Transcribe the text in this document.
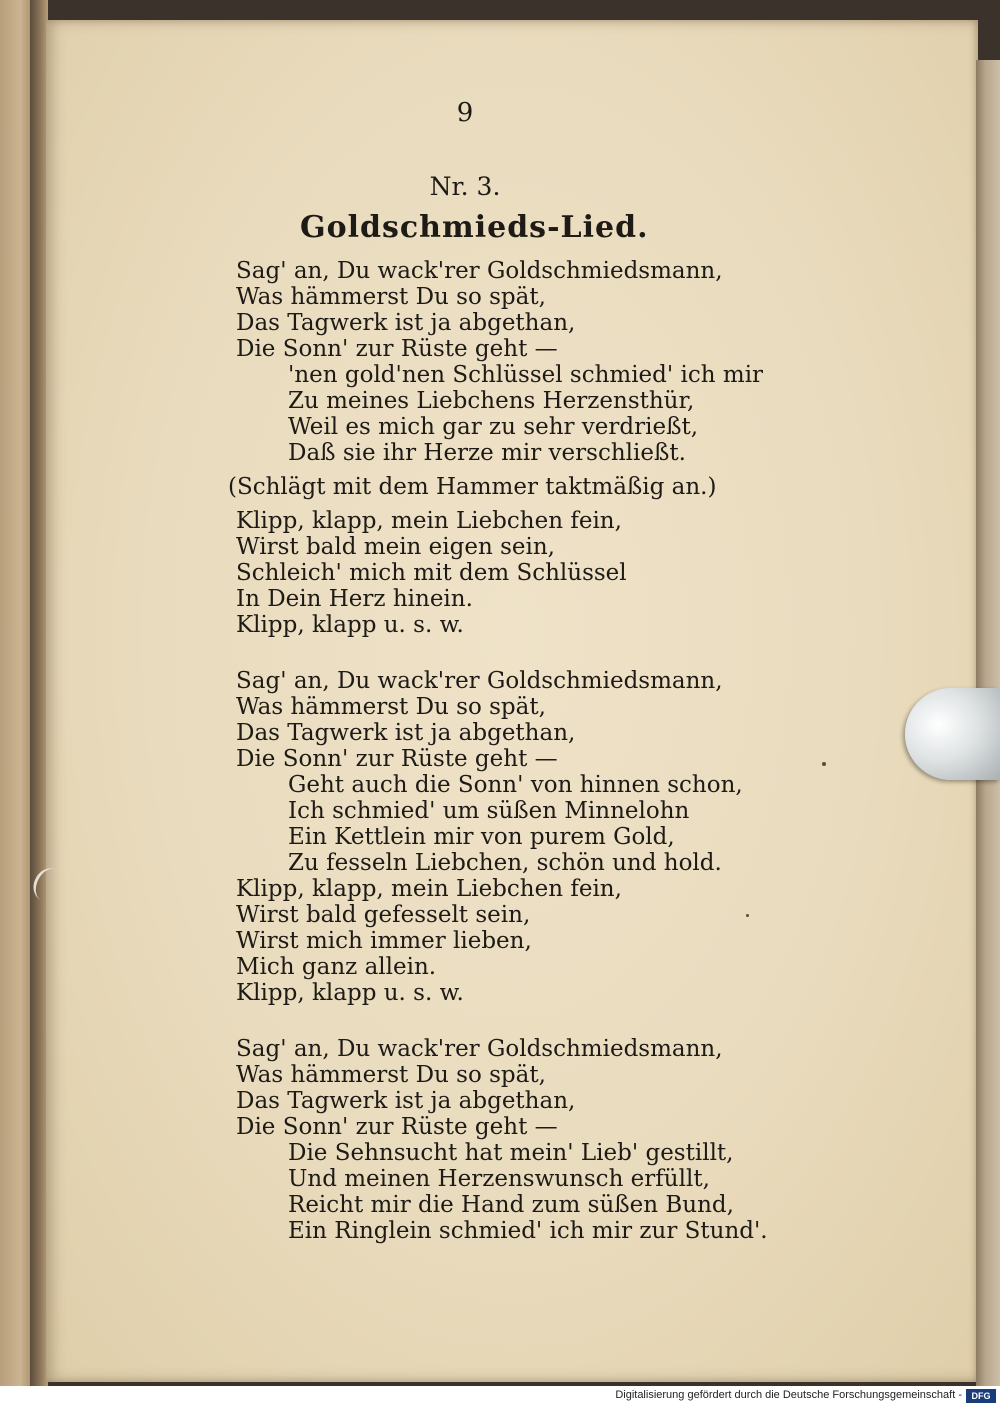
9
Nr. 3.
Goldschmieds-Lied.
Sag' an, Du wack'rer Goldschmiedsmann,
Was hämmerst Du so spät,
Das Tagwerk ist ja abgethan,
Die Sonn' zur Rüste geht —
'nen gold'nen Schlüssel schmied' ich mir
Zu meines Liebchens Herzensthür,
Weil es mich gar zu sehr verdrießt,
Daß sie ihr Herze mir verschließt.
(Schlägt mit dem Hammer taktmäßig an.)
Klipp, klapp, mein Liebchen fein,
Wirst bald mein eigen sein,
Schleich' mich mit dem Schlüssel
In Dein Herz hinein.
Klipp, klapp u. s. w.
Sag' an, Du wack'rer Goldschmiedsmann,
Was hämmerst Du so spät,
Das Tagwerk ist ja abgethan,
Die Sonn' zur Rüste geht —
Geht auch die Sonn' von hinnen schon,
Ich schmied' um süßen Minnelohn
Ein Kettlein mir von purem Gold,
Zu fesseln Liebchen, schön und hold.
Klipp, klapp, mein Liebchen fein,
Wirst bald gefesselt sein,
Wirst mich immer lieben,
Mich ganz allein.
Klipp, klapp u. s. w.
Sag' an, Du wack'rer Goldschmiedsmann,
Was hämmerst Du so spät,
Das Tagwerk ist ja abgethan,
Die Sonn' zur Rüste geht —
Die Sehnsucht hat mein' Lieb' gestillt,
Und meinen Herzenswunsch erfüllt,
Reicht mir die Hand zum süßen Bund,
Ein Ringlein schmied' ich mir zur Stund'.
Digitalisierung gefördert durch die Deutsche Forschungsgemeinschaft -	DFG
